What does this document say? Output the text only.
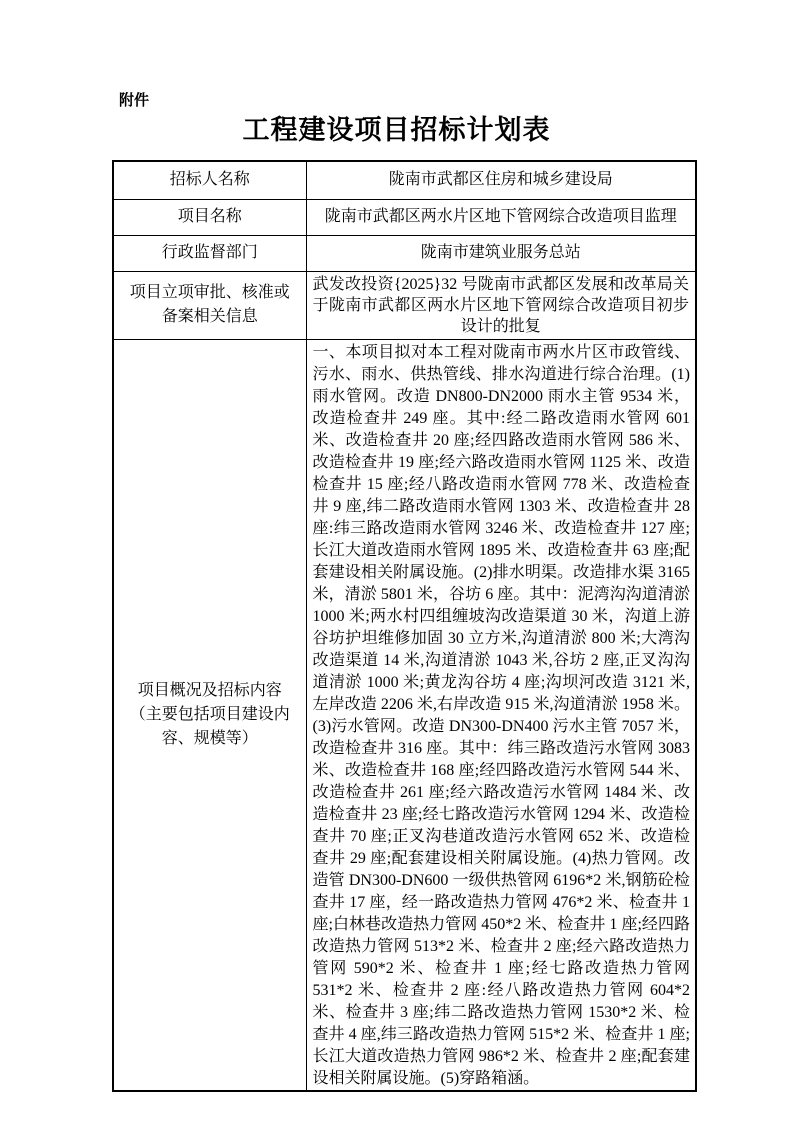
附件
工程建设项目招标计划表
招标人名称	陇南市武都区住房和城乡建设局
项目名称	陇南市武都区两水片区地下管网综合改造项目监理
行政监督部门	陇南市建筑业服务总站
项目立项审批、核准或备案相关信息	武发改投资{2025}32 号陇南市武都区发展和改革局关于陇南市武都区两水片区地下管网综合改造项目初步设计的批复
项目概况及招标内容（主要包括项目建设内容、规模等）	一、本项目拟对本工程对陇南市两水片区市政管线、污水、雨水、供热管线、排水沟道进行综合治理。(1)雨水管网。改造 DN800-DN2000 雨水主管 9534 米，改造检查井 249 座。其中:经二路改造雨水管网 601 米、改造检查井 20 座;经四路改造雨水管网 586 米、改造检查井 19 座;经六路改造雨水管网 1125 米、改造检查井 15 座;经八路改造雨水管网 778 米、改造检查井 9 座,纬二路改造雨水管网 1303 米、改造检查井 28 座:纬三路改造雨水管网 3246 米、改造检查井 127 座;长江大道改造雨水管网 1895 米、改造检查井 63 座;配套建设相关附属设施。(2)排水明渠。改造排水渠 3165 米，清淤 5801 米，谷坊 6 座。其中：泥湾沟沟道清淤 1000 米;两水村四组缠坡沟改造渠道 30 米，沟道上游谷坊护坦维修加固 30 立方米,沟道清淤 800 米;大湾沟改造渠道 14 米,沟道清淤 1043 米,谷坊 2 座,正叉沟沟道清淤 1000 米;黄龙沟谷坊 4 座;沟坝河改造 3121 米,左岸改造 2206 米,右岸改造 915 米,沟道清淤 1958 米。(3)污水管网。改造 DN300-DN400 污水主管 7057 米，改造检查井 316 座。其中：纬三路改造污水管网 3083 米、改造检查井 168 座;经四路改造污水管网 544 米、改造检查井 261 座;经六路改造污水管网 1484 米、改造检查井 23 座;经七路改造污水管网 1294 米、改造检查井 70 座;正叉沟巷道改造污水管网 652 米、改造检查井 29 座;配套建设相关附属设施。(4)热力管网。改造管 DN300-DN600 一级供热管网 6196*2 米,钢筋砼检查井 17 座，经一路改造热力管网 476*2 米、检查井 1 座;白林巷改造热力管网 450*2 米、检查井 1 座;经四路改造热力管网 513*2 米、检查井 2 座;经六路改造热力管网 590*2 米、检查井 1 座;经七路改造热力管网 531*2 米、检查井 2 座:经八路改造热力管网 604*2 米、检查井 3 座;纬二路改造热力管网 1530*2 米、检查井 4 座,纬三路改造热力管网 515*2 米、检查井 1 座;长江大道改造热力管网 986*2 米、检查井 2 座;配套建设相关附属设施。(5)穿路箱涵。
